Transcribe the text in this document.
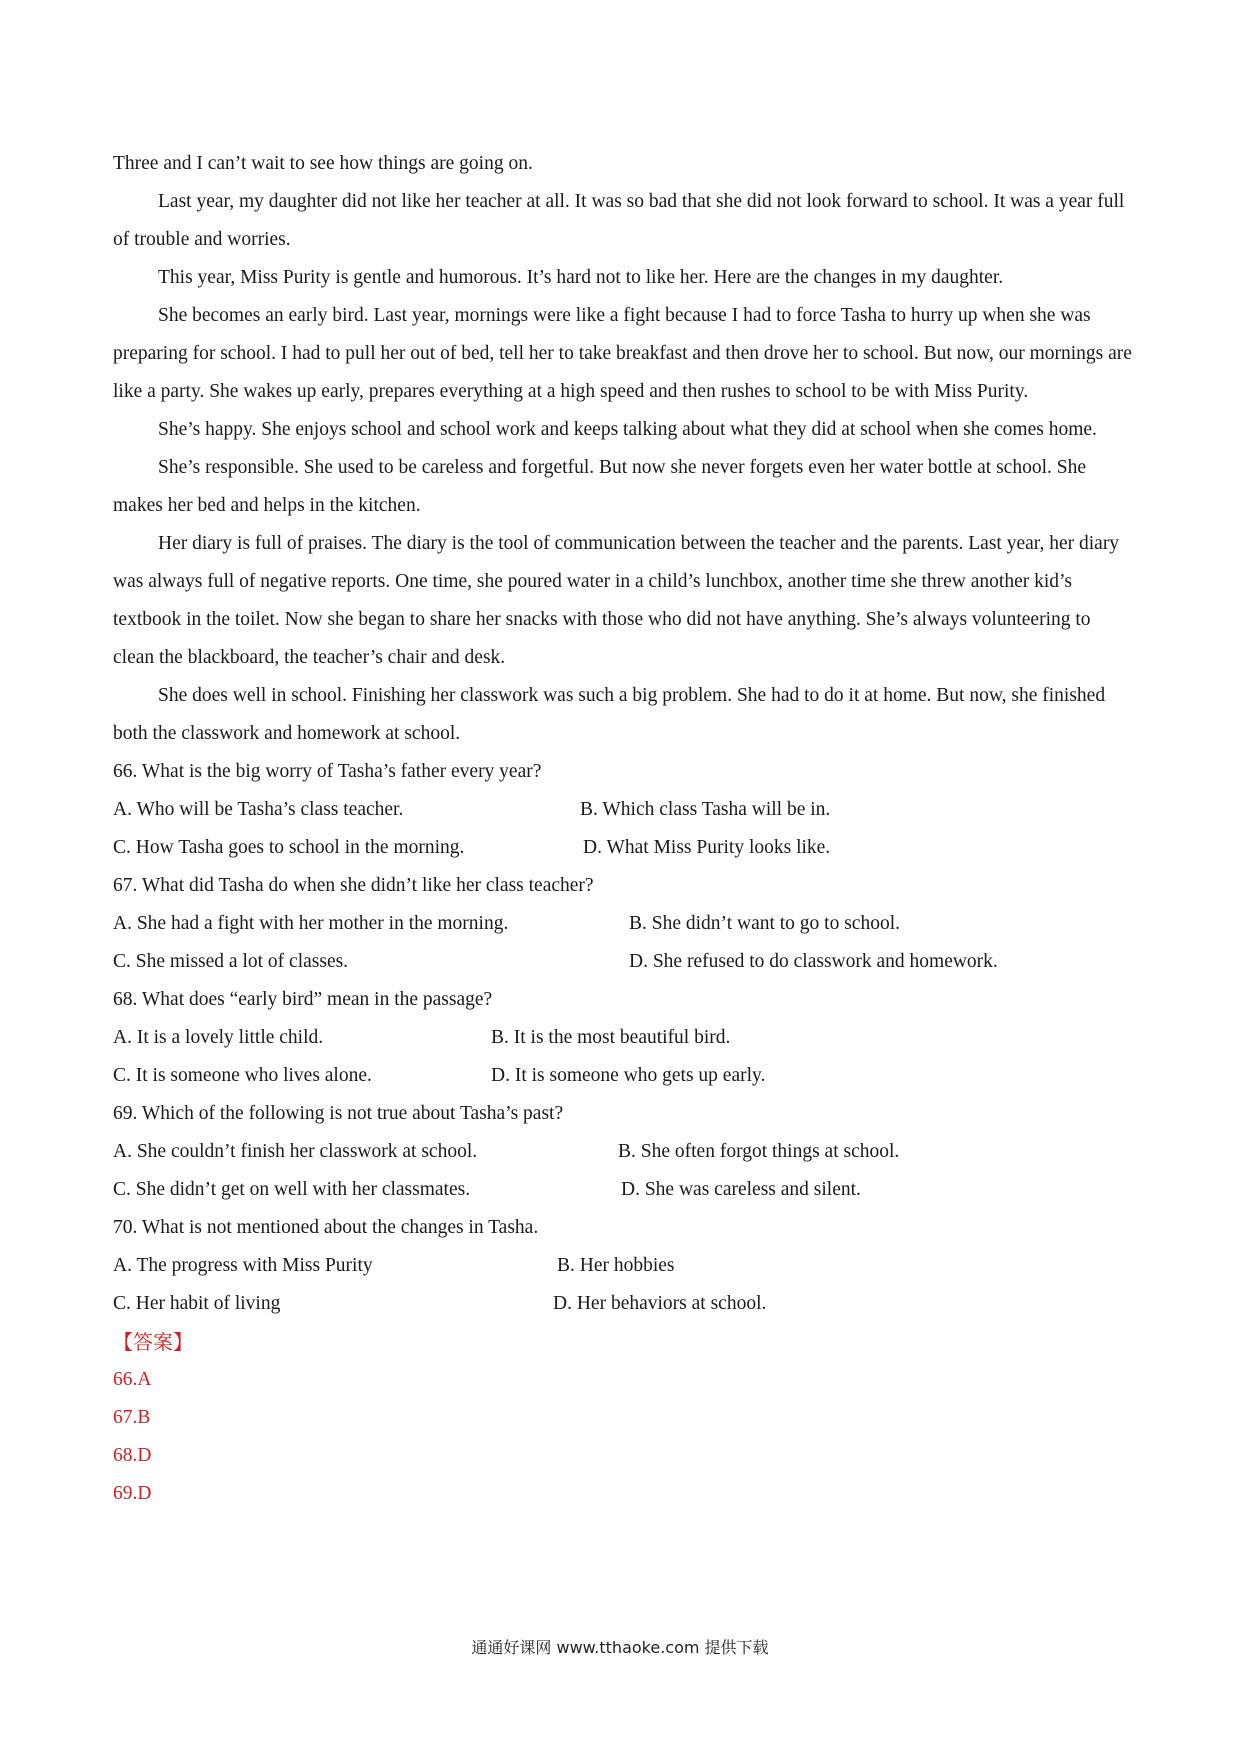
Three and I can’t wait to see how things are going on.
Last year, my daughter did not like her teacher at all. It was so bad that she did not look forward to school. It was a year full of trouble and worries.
This year, Miss Purity is gentle and humorous. It’s hard not to like her. Here are the changes in my daughter.
She becomes an early bird. Last year, mornings were like a fight because I had to force Tasha to hurry up when she was preparing for school. I had to pull her out of bed, tell her to take breakfast and then drove her to school. But now, our mornings are like a party. She wakes up early, prepares everything at a high speed and then rushes to school to be with Miss Purity.
She’s happy. She enjoys school and school work and keeps talking about what they did at school when she comes home.
She’s responsible. She used to be careless and forgetful. But now she never forgets even her water bottle at school. She makes her bed and helps in the kitchen.
Her diary is full of praises. The diary is the tool of communication between the teacher and the parents. Last year, her diary was always full of negative reports. One time, she poured water in a child’s lunchbox, another time she threw another kid’s textbook in the toilet. Now she began to share her snacks with those who did not have anything. She’s always volunteering to clean the blackboard, the teacher’s chair and desk.
She does well in school. Finishing her classwork was such a big problem. She had to do it at home. But now, she finished both the classwork and homework at school.
66. What is the big worry of Tasha’s father every year?
A. Who will be Tasha’s class teacher.	B. Which class Tasha will be in.
C. How Tasha goes to school in the morning.	D. What Miss Purity looks like.
67. What did Tasha do when she didn’t like her class teacher?
A. She had a fight with her mother in the morning.	B. She didn’t want to go to school.
C. She missed a lot of classes.	D. She refused to do classwork and homework.
68. What does “early bird” mean in the passage?
A. It is a lovely little child.	B. It is the most beautiful bird.
C. It is someone who lives alone.	D. It is someone who gets up early.
69. Which of the following is not true about Tasha’s past?
A. She couldn’t finish her classwork at school.	B. She often forgot things at school.
C. She didn’t get on well with her classmates.	D. She was careless and silent.
70. What is not mentioned about the changes in Tasha.
A. The progress with Miss Purity	B. Her hobbies
C. Her habit of living	D. Her behaviors at school.
【答案】
66.A
67.B
68.D
69.D
通通好课网 www.tthaoke.com 提供下载
